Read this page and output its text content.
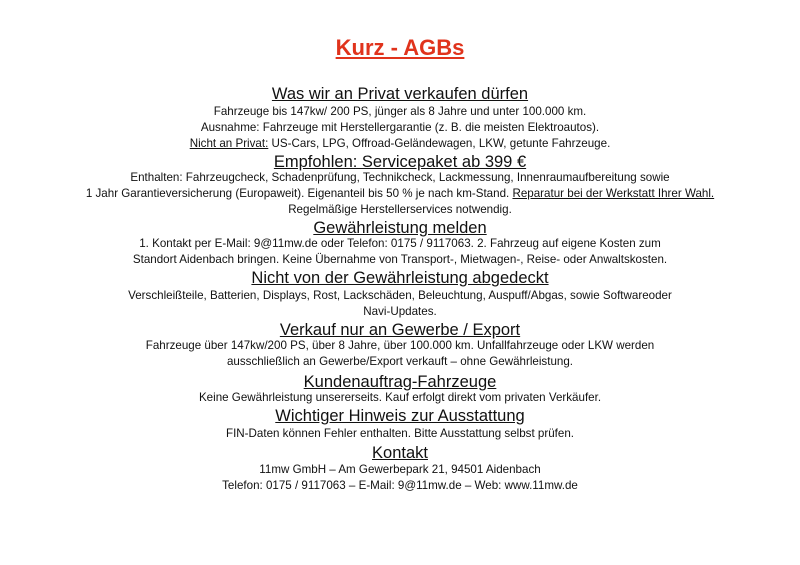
Kurz - AGBs
Was wir an Privat verkaufen dürfen
Fahrzeuge bis 147kw/ 200 PS, jünger als 8 Jahre und unter 100.000 km.
Ausnahme: Fahrzeuge mit Herstellergarantie (z. B. die meisten Elektroautos).
Nicht an Privat: US-Cars, LPG, Offroad-Geländewagen, LKW, getunte Fahrzeuge.
Empfohlen: Servicepaket ab 399 €
Enthalten: Fahrzeugcheck, Schadenprüfung, Technikcheck, Lackmessung, Innenraumaufbereitung sowie
1 Jahr Garantieversicherung (Europaweit). Eigenanteil bis 50 % je nach km-Stand. Reparatur bei der Werkstatt Ihrer Wahl.
Regelmäßige Herstellerservices notwendig.
Gewährleistung melden
1. Kontakt per E-Mail: 9@11mw.de oder Telefon: 0175 / 9117063. 2. Fahrzeug auf eigene Kosten zum
Standort Aidenbach bringen. Keine Übernahme von Transport-, Mietwagen-, Reise- oder Anwaltskosten.
Nicht von der Gewährleistung abgedeckt
Verschleißteile, Batterien, Displays, Rost, Lackschäden, Beleuchtung, Auspuff/Abgas, sowie Softwareoder
Navi-Updates.
Verkauf nur an Gewerbe / Export
Fahrzeuge über 147kw/200 PS, über 8 Jahre, über 100.000 km. Unfallfahrzeuge oder LKW werden
ausschließlich an Gewerbe/Export verkauft – ohne Gewährleistung.
Kundenauftrag-Fahrzeuge
Keine Gewährleistung unsererseits. Kauf erfolgt direkt vom privaten Verkäufer.
Wichtiger Hinweis zur Ausstattung
FIN-Daten können Fehler enthalten. Bitte Ausstattung selbst prüfen.
Kontakt
11mw GmbH – Am Gewerbepark 21, 94501 Aidenbach
Telefon: 0175 / 9117063 – E-Mail: 9@11mw.de – Web: www.11mw.de
